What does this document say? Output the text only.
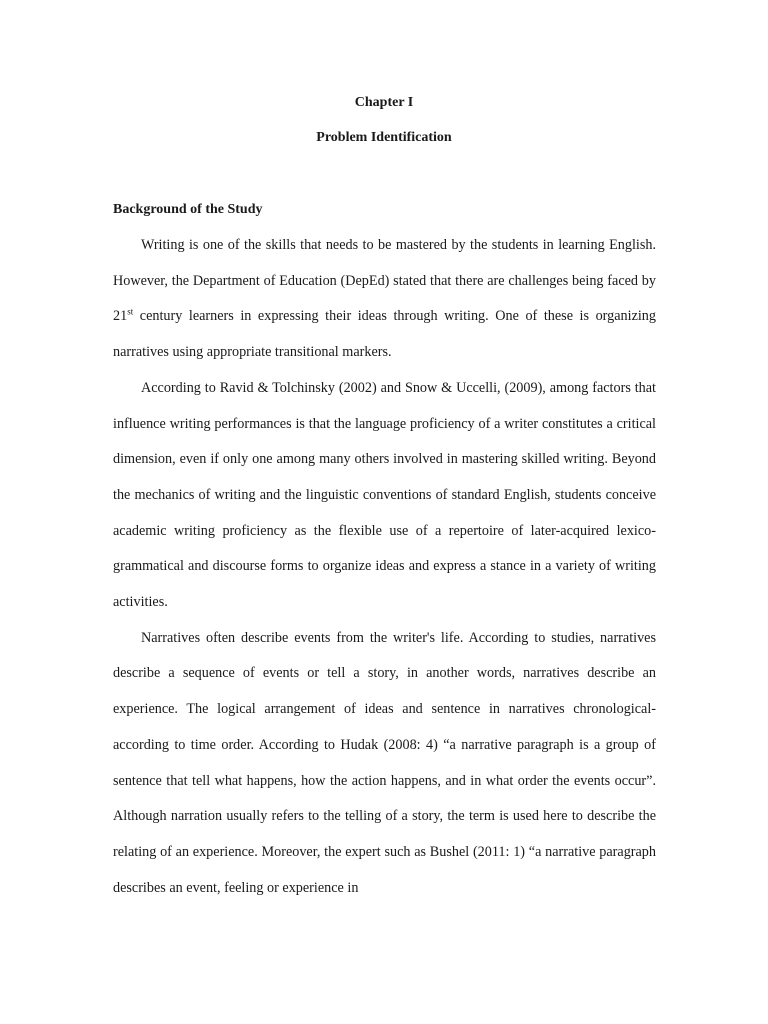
Chapter I
Problem Identification
Background of the Study

Writing is one of the skills that needs to be mastered by the students in learning English. However, the Department of Education (DepEd) stated that there are challenges being faced by 21st century learners in expressing their ideas through writing. One of these is organizing narratives using appropriate transitional markers.

According to Ravid & Tolchinsky (2002) and Snow & Uccelli, (2009), among factors that influence writing performances is that the language proficiency of a writer constitutes a critical dimension, even if only one among many others involved in mastering skilled writing. Beyond the mechanics of writing and the linguistic conventions of standard English, students conceive academic writing proficiency as the flexible use of a repertoire of later-acquired lexico-grammatical and discourse forms to organize ideas and express a stance in a variety of writing activities.

Narratives often describe events from the writer's life. According to studies, narratives describe a sequence of events or tell a story, in another words, narratives describe an experience. The logical arrangement of ideas and sentence in narratives chronological-according to time order. According to Hudak (2008: 4) “a narrative paragraph is a group of sentence that tell what happens, how the action happens, and in what order the events occur”. Although narration usually refers to the telling of a story, the term is used here to describe the relating of an experience. Moreover, the expert such as Bushel (2011: 1) “a narrative paragraph describes an event, feeling or experience in
